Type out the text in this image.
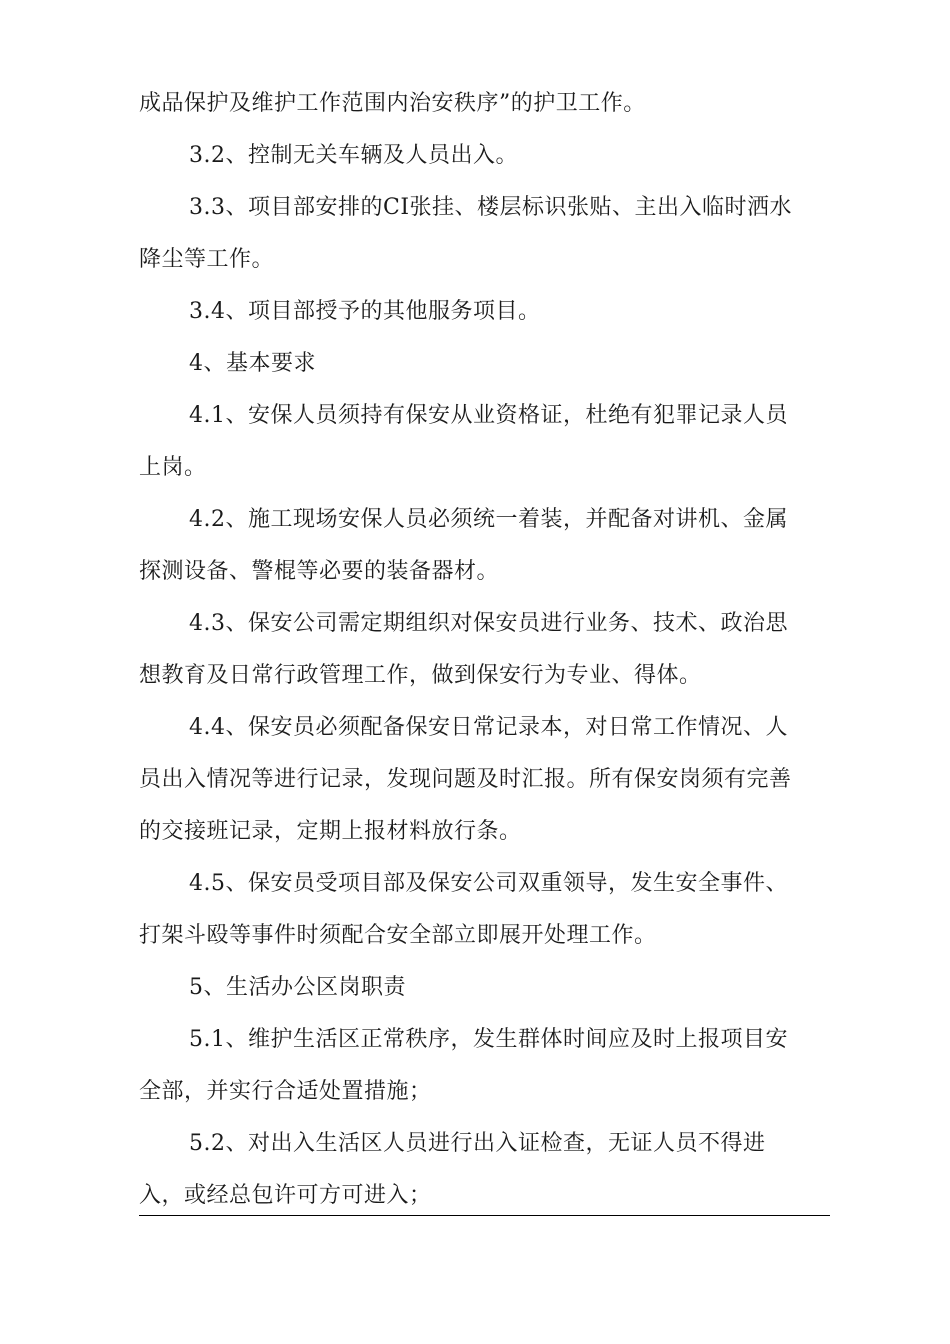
成品保护及维护工作范围内治安秩序”的护卫工作。

3.2、控制无关车辆及人员出入。

3.3、项目部安排的CI张挂、楼层标识张贴、主出入临时洒水

降尘等工作。

3.4、项目部授予的其他服务项目。

4、基本要求

4.1、安保人员须持有保安从业资格证，杜绝有犯罪记录人员

上岗。

4.2、施工现场安保人员必须统一着装，并配备对讲机、金属

探测设备、警棍等必要的装备器材。

4.3、保安公司需定期组织对保安员进行业务、技术、政治思

想教育及日常行政管理工作，做到保安行为专业、得体。

4.4、保安员必须配备保安日常记录本，对日常工作情况、人

员出入情况等进行记录，发现问题及时汇报。所有保安岗须有完善

的交接班记录，定期上报材料放行条。

4.5、保安员受项目部及保安公司双重领导，发生安全事件、

打架斗殴等事件时须配合安全部立即展开处理工作。

5、生活办公区岗职责

5.1、维护生活区正常秩序，发生群体时间应及时上报项目安

全部，并实行合适处置措施；

5.2、对出入生活区人员进行出入证检查，无证人员不得进

入，或经总包许可方可进入；
